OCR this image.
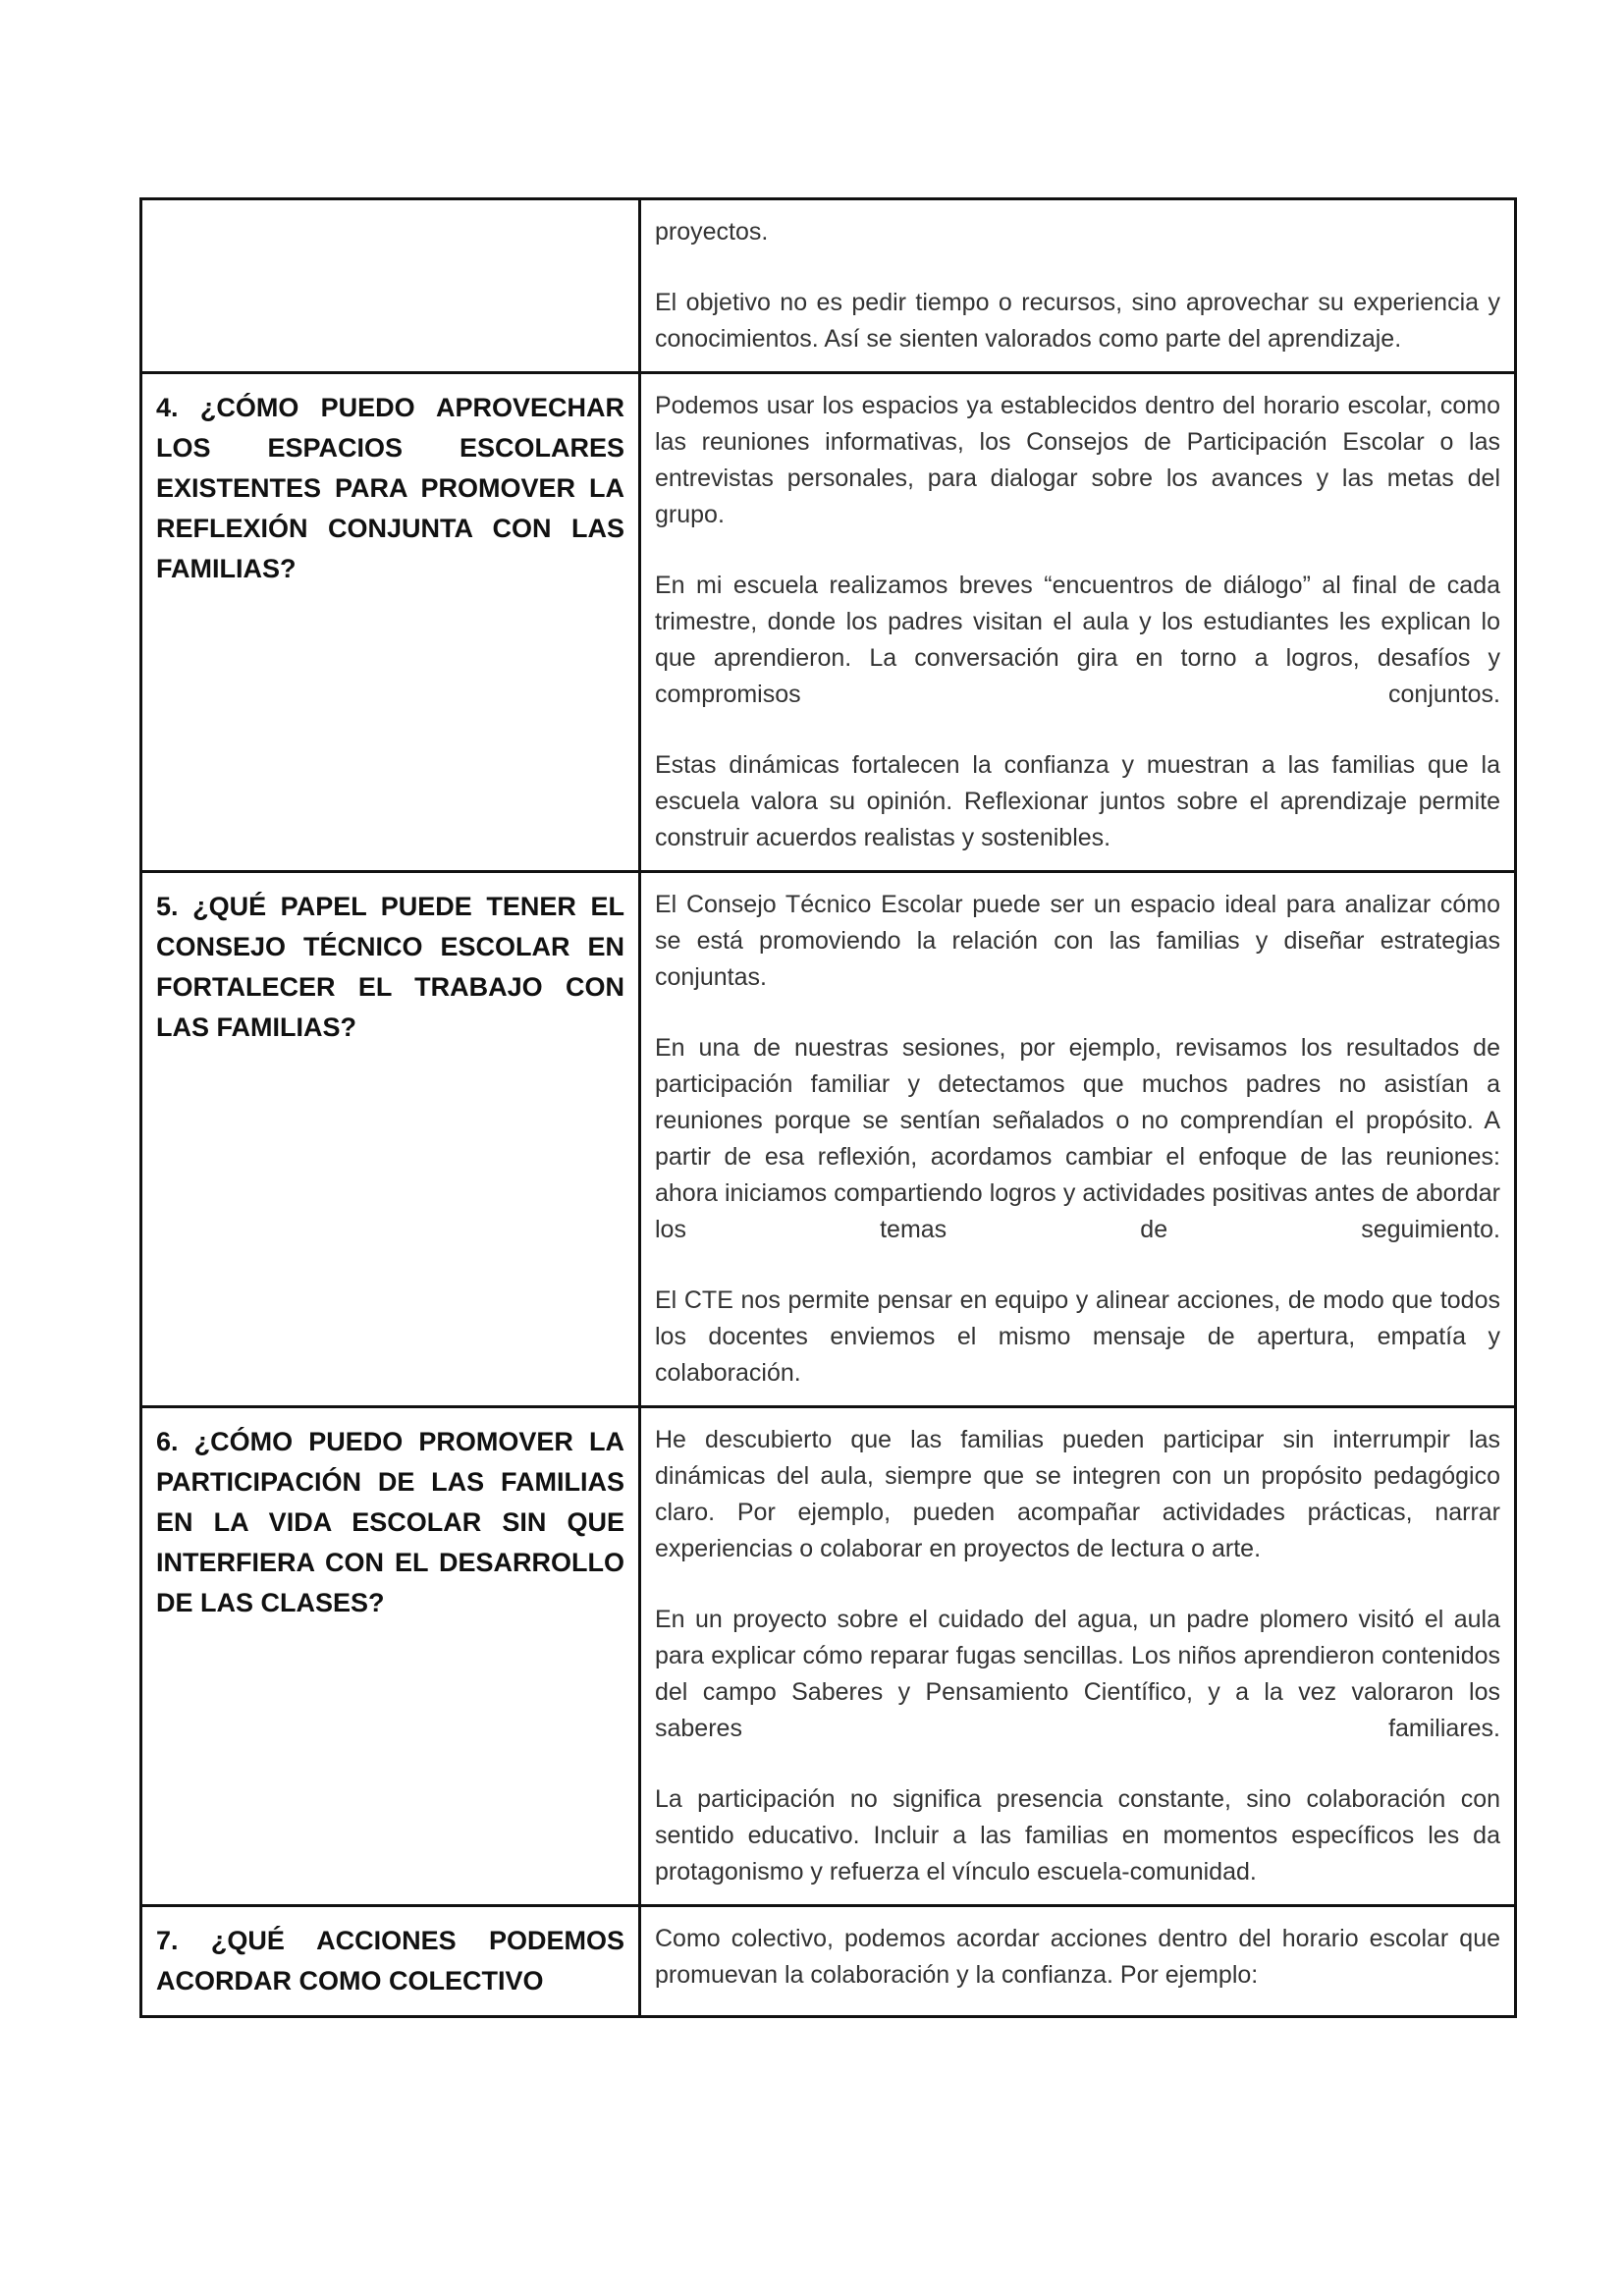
	proyectos.

El objetivo no es pedir tiempo o recursos, sino aprovechar su experiencia y conocimientos. Así se sienten valorados como parte del aprendizaje.

4. ¿CÓMO PUEDO APROVECHAR LOS ESPACIOS ESCOLARES EXISTENTES PARA PROMOVER LA REFLEXIÓN CONJUNTA CON LAS FAMILIAS?	Podemos usar los espacios ya establecidos dentro del horario escolar, como las reuniones informativas, los Consejos de Participación Escolar o las entrevistas personales, para dialogar sobre los avances y las metas del grupo.

En mi escuela realizamos breves “encuentros de diálogo” al final de cada trimestre, donde los padres visitan el aula y los estudiantes les explican lo que aprendieron. La conversación gira en torno a logros, desafíos y compromisos conjuntos.

Estas dinámicas fortalecen la confianza y muestran a las familias que la escuela valora su opinión. Reflexionar juntos sobre el aprendizaje permite construir acuerdos realistas y sostenibles.

5. ¿QUÉ PAPEL PUEDE TENER EL CONSEJO TÉCNICO ESCOLAR EN FORTALECER EL TRABAJO CON LAS FAMILIAS?	El Consejo Técnico Escolar puede ser un espacio ideal para analizar cómo se está promoviendo la relación con las familias y diseñar estrategias conjuntas.

En una de nuestras sesiones, por ejemplo, revisamos los resultados de participación familiar y detectamos que muchos padres no asistían a reuniones porque se sentían señalados o no comprendían el propósito. A partir de esa reflexión, acordamos cambiar el enfoque de las reuniones: ahora iniciamos compartiendo logros y actividades positivas antes de abordar los temas de seguimiento.

El CTE nos permite pensar en equipo y alinear acciones, de modo que todos los docentes enviemos el mismo mensaje de apertura, empatía y colaboración.

6. ¿CÓMO PUEDO PROMOVER LA PARTICIPACIÓN DE LAS FAMILIAS EN LA VIDA ESCOLAR SIN QUE INTERFIERA CON EL DESARROLLO DE LAS CLASES?	He descubierto que las familias pueden participar sin interrumpir las dinámicas del aula, siempre que se integren con un propósito pedagógico claro. Por ejemplo, pueden acompañar actividades prácticas, narrar experiencias o colaborar en proyectos de lectura o arte.

En un proyecto sobre el cuidado del agua, un padre plomero visitó el aula para explicar cómo reparar fugas sencillas. Los niños aprendieron contenidos del campo Saberes y Pensamiento Científico, y a la vez valoraron los saberes familiares.

La participación no significa presencia constante, sino colaboración con sentido educativo. Incluir a las familias en momentos específicos les da protagonismo y refuerza el vínculo escuela-comunidad.

7. ¿QUÉ ACCIONES PODEMOS ACORDAR COMO COLECTIVO	Como colectivo, podemos acordar acciones dentro del horario escolar que promuevan la colaboración y la confianza. Por ejemplo:
